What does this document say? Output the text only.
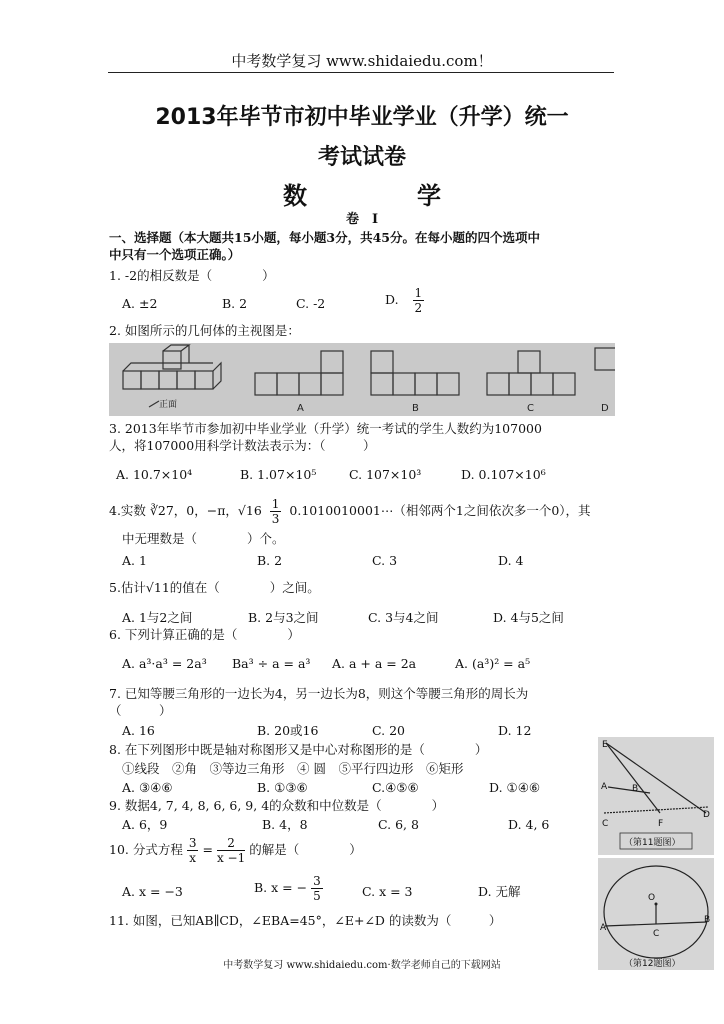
中考数学复习 www.shidaiedu.com！
2013年毕节市初中毕业学业（升学）统一
考试试卷
数学
卷　Ⅰ
一、选择题（本大题共15小题，每小题3分，共45分。在每小题的四个选项中
中只有一个选项正确。）
1. -2的相反数是（　　　　）
A. ±2	B. 2	C. -2	D. $\frac{1}{2}$
2. 如图所示的几何体的主视图是：
正面	A	B	C	D
3. 2013年毕节市参加初中毕业学业（升学）统一考试的学生人数约为107000
人，将107000用科学计数法表示为：（　　　）
A. 10.7×10⁴	B. 1.07×10⁵	C. 107×10³	D. 0.107×10⁶
4.实数 ∛27，0，−π，$√16 \frac{1}{3}$ 0.1010010001⋯（相邻两个1之间依次多一个0），其
中无理数是（　　　　）个。
A. 1	B. 2	C. 3	D. 4
5.估计√11的值在（　　　　）之间。
A. 1与2之间	B. 2与3之间	C. 3与4之间	D. 4与5之间
6. 下列计算正确的是（　　　　）
A. a³·a³ = 2a³ Ba³ ÷ a = a³ A. a + a = 2a	A. (a³)² = a⁵
7. 已知等腰三角形的一边长为4，另一边长为8，则这个等腰三角形的周长为
（　　　）
A. 16	B. 20或16	C. 20	D. 12
8. 在下列图形中既是轴对称图形又是中心对称图形的是（　　　　）
①线段　②角　③等边三角形　④ 圆　⑤平行四边形　⑥矩形
A. ③④⑥	B. ①③⑥	C.④⑤⑥	D. ①④⑥
9. 数据4, 7, 4, 8, 6, 6, 9, 4的众数和中位数是（　　　　）
A. 6，9	B. 4，8	C. 6, 8	D. 4, 6
10. 分式方程 $\frac{3}{x} = \frac{2}{x -1}$ 的解是（　　　　）
A. x = −3	B. x = − $\frac{3}{5}$	C. x = 3	D. 无解
11. 如图，已知AB∥CD，∠EBA=45°，∠E+∠D 的读数为（　　　）
E
A	B
C	F
D
（第11题图）
O
A
B
C
（第12题图）
中考数学复习 www.shidaiedu.com·数学老师自己的下载网站
